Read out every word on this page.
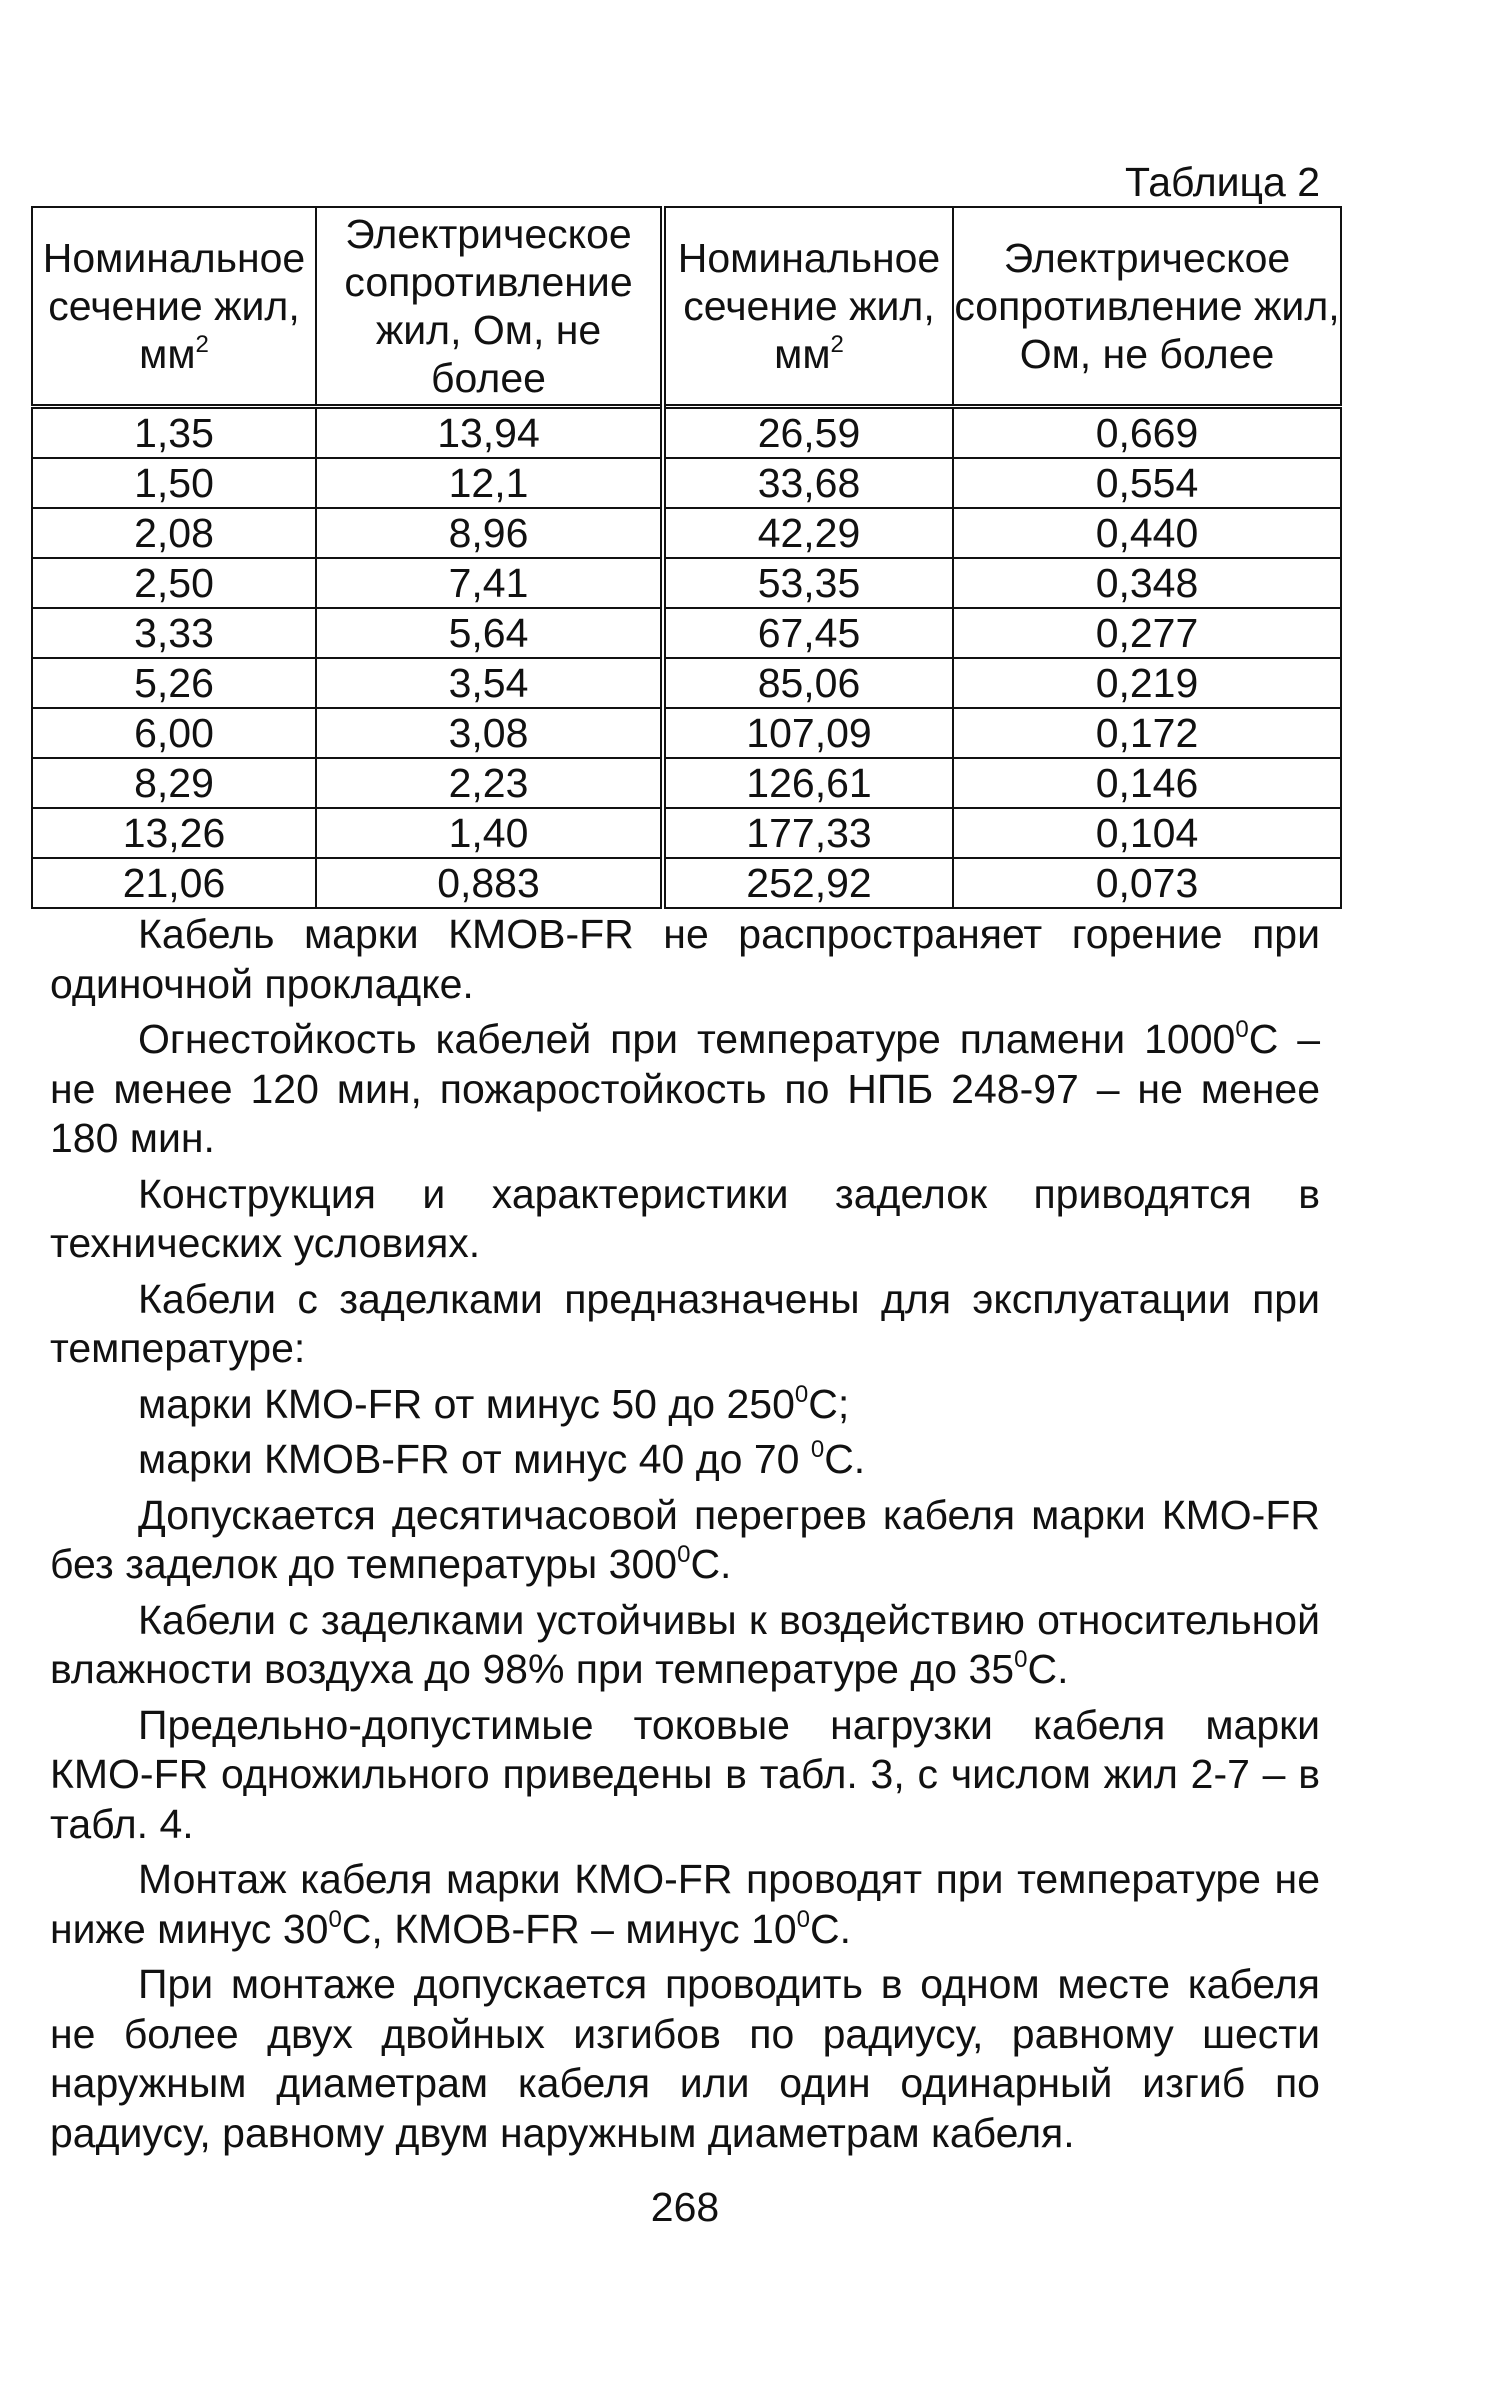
Таблица 2
Номинальное сечение жил, $мм^2$	Электрическое сопротивление жил, Ом, не более	Номинальное сечение жил, $мм^2$	Электрическое сопротивление жил, Ом, не более
1,35	13,94	26,59	0,669
1,50	12,1	33,68	0,554
2,08	8,96	42,29	0,440
2,50	7,41	53,35	0,348
3,33	5,64	67,45	0,277
5,26	3,54	85,06	0,219
6,00	3,08	107,09	0,172
8,29	2,23	126,61	0,146
13,26	1,40	177,33	0,104
21,06	0,883	252,92	0,073

Кабель марки КМОВ-FR не распространяет горение при одиночной прокладке.

Огнестойкость кабелей при температуре пламени 1000$^0$С – не менее 120 мин, пожаростойкость по НПБ 248-97 – не менее 180 мин.

Конструкция и характеристики заделок приводятся в технических условиях.

Кабели с заделками предназначены для эксплуатации при температуре:

марки КМО-FR от минус 50 до $250^0С$;

марки КМОВ-FR от минус 40 до 70 $^0$С.

Допускается десятичасовой перегрев кабеля марки КМО-FR без заделок до температуры $300^0С$.

Кабели с заделками устойчивы к воздействию относительной влажности воздуха до 98% при температуре до $35^0С$.

Предельно-допустимые токовые нагрузки кабеля марки КМО-FR одножильного приведены в табл. 3, с числом жил 2-7 – в табл. 4.

Монтаж кабеля марки КМО-FR проводят при температуре не ниже минус $30^0С$, КМОВ-FR – минус $10^0С$.

При монтаже допускается проводить в одном месте кабеля не более двух двойных изгибов по радиусу, равному шести наружным диаметрам кабеля или один одинарный изгиб по радиусу, равному двум наружным диаметрам кабеля.

268
